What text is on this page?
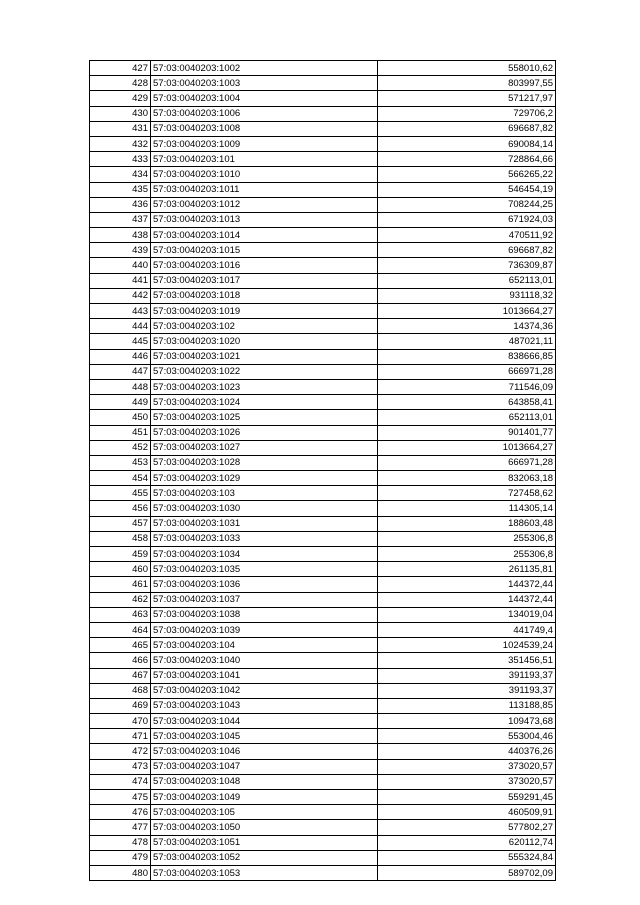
427	57:03:0040203:1002	558010,62
428	57:03:0040203:1003	803997,55
429	57:03:0040203:1004	571217,97
430	57:03:0040203:1006	729706,2
431	57:03:0040203:1008	696687,82
432	57:03:0040203:1009	690084,14
433	57:03:0040203:101	728864,66
434	57:03:0040203:1010	566265,22
435	57:03:0040203:1011	546454,19
436	57:03:0040203:1012	708244,25
437	57:03:0040203:1013	671924,03
438	57:03:0040203:1014	470511,92
439	57:03:0040203:1015	696687,82
440	57:03:0040203:1016	736309,87
441	57:03:0040203:1017	652113,01
442	57:03:0040203:1018	931118,32
443	57:03:0040203:1019	1013664,27
444	57:03:0040203:102	14374,36
445	57:03:0040203:1020	487021,11
446	57:03:0040203:1021	838666,85
447	57:03:0040203:1022	666971,28
448	57:03:0040203:1023	711546,09
449	57:03:0040203:1024	643858,41
450	57:03:0040203:1025	652113,01
451	57:03:0040203:1026	901401,77
452	57:03:0040203:1027	1013664,27
453	57:03:0040203:1028	666971,28
454	57:03:0040203:1029	832063,18
455	57:03:0040203:103	727458,62
456	57:03:0040203:1030	114305,14
457	57:03:0040203:1031	188603,48
458	57:03:0040203:1033	255306,8
459	57:03:0040203:1034	255306,8
460	57:03:0040203:1035	261135,81
461	57:03:0040203:1036	144372,44
462	57:03:0040203:1037	144372,44
463	57:03:0040203:1038	134019,04
464	57:03:0040203:1039	441749,4
465	57:03:0040203:104	1024539,24
466	57:03:0040203:1040	351456,51
467	57:03:0040203:1041	391193,37
468	57:03:0040203:1042	391193,37
469	57:03:0040203:1043	113188,85
470	57:03:0040203:1044	109473,68
471	57:03:0040203:1045	553004,46
472	57:03:0040203:1046	440376,26
473	57:03:0040203:1047	373020,57
474	57:03:0040203:1048	373020,57
475	57:03:0040203:1049	559291,45
476	57:03:0040203:105	460509,91
477	57:03:0040203:1050	577802,27
478	57:03:0040203:1051	620112,74
479	57:03:0040203:1052	555324,84
480	57:03:0040203:1053	589702,09
